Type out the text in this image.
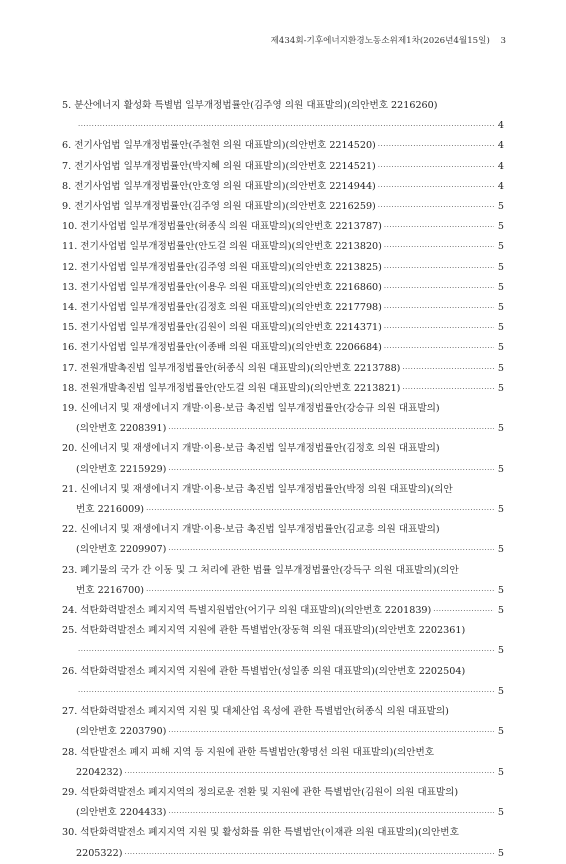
제434회-기후에너지환경노동소위제1차(2026년4월15일) 3
5. 분산에너지 활성화 특별법 일부개정법률안(김주영 의원 대표발의)(의안번호 2216260)
·····
4
6. 전기사업법 일부개정법률안(주철현 의원 대표발의)(의안번호 2214520) ·····	4
7. 전기사업법 일부개정법률안(박지혜 의원 대표발의)(의안번호 2214521) ·····	4
8. 전기사업법 일부개정법률안(안호영 의원 대표발의)(의안번호 2214944) ·····	4
9. 전기사업법 일부개정법률안(김주영 의원 대표발의)(의안번호 2216259) ·····	5
10. 전기사업법 일부개정법률안(허종식 의원 대표발의)(의안번호 2213787) ·····	5
11. 전기사업법 일부개정법률안(안도걸 의원 대표발의)(의안번호 2213820) ·····	5
12. 전기사업법 일부개정법률안(김주영 의원 대표발의)(의안번호 2213825) ·····	5
13. 전기사업법 일부개정법률안(이용우 의원 대표발의)(의안번호 2216860) ·····	5
14. 전기사업법 일부개정법률안(김정호 의원 대표발의)(의안번호 2217798) ·····	5
15. 전기사업법 일부개정법률안(김원이 의원 대표발의)(의안번호 2214371) ·····	5
16. 전기사업법 일부개정법률안(이종배 의원 대표발의)(의안번호 2206684) ·····	5
17. 전원개발촉진법 일부개정법률안(허종식 의원 대표발의)(의안번호 2213788) ·····	5
18. 전원개발촉진법 일부개정법률안(안도걸 의원 대표발의)(의안번호 2213821) ·····	5
19. 신에너지 및 재생에너지 개발·이용·보급 촉진법 일부개정법률안(강승규 의원 대표발의)
(의안번호 2208391) ·····	5
20. 신에너지 및 재생에너지 개발·이용·보급 촉진법 일부개정법률안(김정호 의원 대표발의)
(의안번호 2215929) ·····	5
21. 신에너지 및 재생에너지 개발·이용·보급 촉진법 일부개정법률안(박정 의원 대표발의)(의안
번호 2216009) ·····	5
22. 신에너지 및 재생에너지 개발·이용·보급 촉진법 일부개정법률안(김교흥 의원 대표발의)
(의안번호 2209907) ·····	5
23. 폐기물의 국가 간 이동 및 그 처리에 관한 법률 일부개정법률안(강득구 의원 대표발의)(의안
번호 2216700) ·····	5
24. 석탄화력발전소 폐지지역 특별지원법안(어기구 의원 대표발의)(의안번호 2201839) ·····	5
25. 석탄화력발전소 폐지지역 지원에 관한 특별법안(장동혁 의원 대표발의)(의안번호 2202361)
·····
5
26. 석탄화력발전소 폐지지역 지원에 관한 특별법안(성일종 의원 대표발의)(의안번호 2202504)
·····
5
27. 석탄화력발전소 폐지지역 지원 및 대체산업 육성에 관한 특별법안(허종식 의원 대표발의)
(의안번호 2203790) ·····	5
28. 석탄발전소 폐지 피해 지역 등 지원에 관한 특별법안(황명선 의원 대표발의)(의안번호
2204232) ·····	5
29. 석탄화력발전소 폐지지역의 정의로운 전환 및 지원에 관한 특별법안(김원이 의원 대표발의)
(의안번호 2204433) ·····	5
30. 석탄화력발전소 폐지지역 지원 및 활성화를 위한 특별법안(이재관 의원 대표발의)(의안번호
2205322) ·····	5
